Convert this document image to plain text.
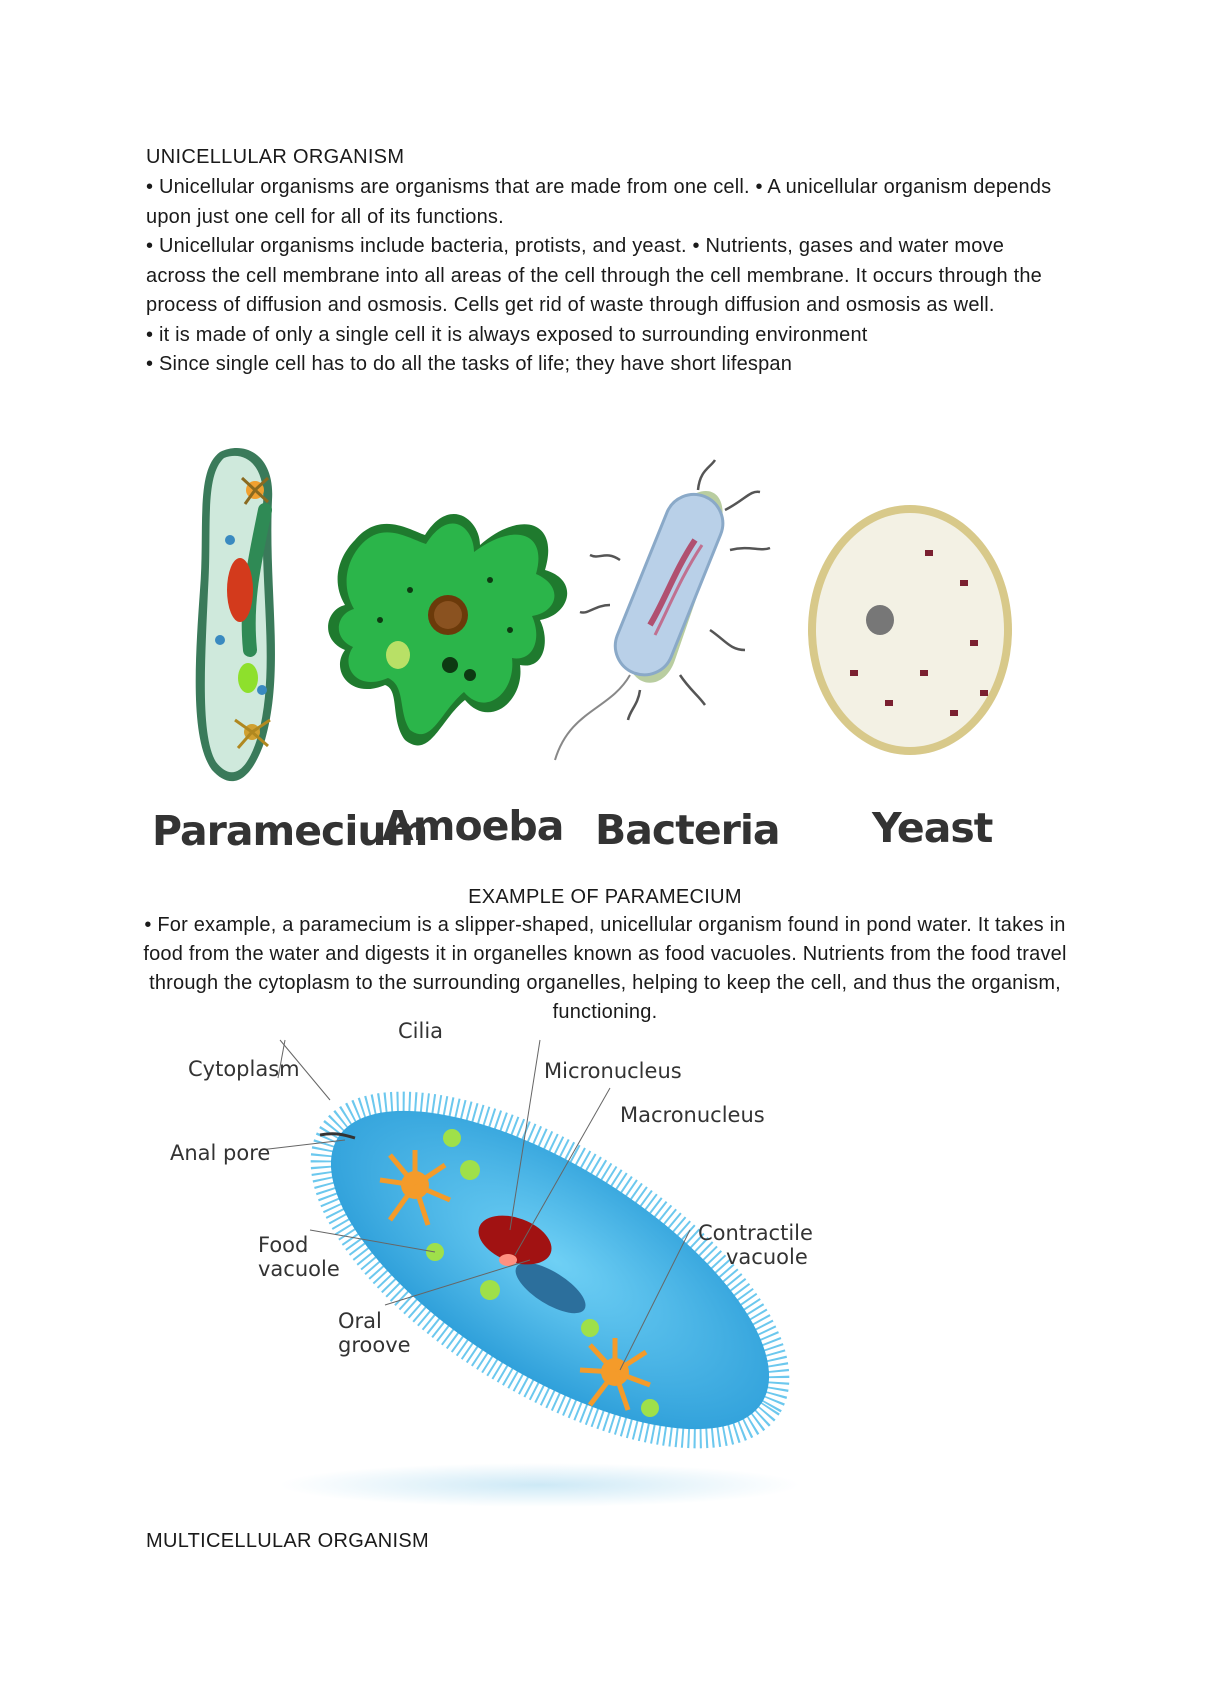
UNICELLULAR ORGANISM

• Unicellular organisms are organisms that are made from one cell. • A unicellular organism depends upon just one cell for all of its functions.

• Unicellular organisms include bacteria, protists, and yeast. • Nutrients, gases and water move across the cell membrane into all areas of the cell through the cell membrane. It occurs through the process of diffusion and osmosis. Cells get rid of waste through diffusion and osmosis as well.

• it is made of only a single cell it is always exposed to surrounding environment

• Since single cell has to do all the tasks of life; they have short lifespan

Paramecium
Amoeba Bacteria Yeast
EXAMPLE OF PARAMECIUM
• For example, a paramecium is a slipper-shaped, unicellular organism found in pond water. It takes in food from the water and digests it in organelles known as food vacuoles. Nutrients from the food travel through the cytoplasm to the surrounding organelles, helping to keep the cell, and thus the organism, functioning.
Cilia
Cytoplasm	Micronucleus
Macronucleus
Anal pore
Food
vacuole
Contractile
vacuole
Oral
groove
MULTICELLULAR ORGANISM
